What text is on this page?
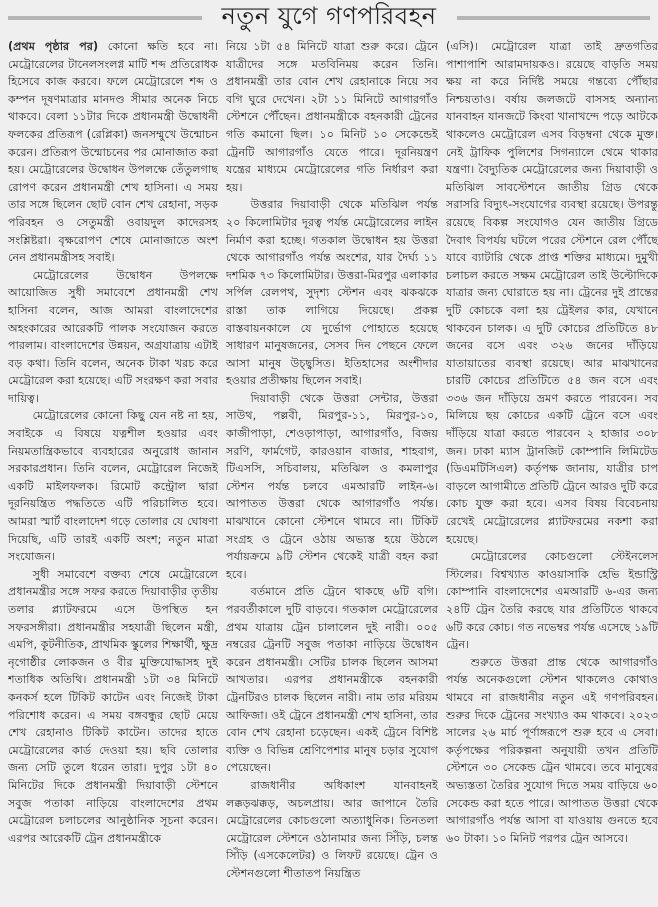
নতুন যুগে গণপরিবহন

(প্রথম পৃষ্ঠার পর) কোনো ক্ষতি হবে না। মেট্রোরেলের টানেলসংলগ্ন মাটি শব্দ প্রতিরোধক হিসেবে কাজ করবে। ফলে মেট্রোরেলে শব্দ ও কম্পন দূষণমাত্রার মানদণ্ড সীমার অনেক নিচে থাকবে। বেলা ১১টার দিকে প্রধানমন্ত্রী উদ্বোধনী ফলকের প্রতিরূপ (রেপ্লিকা) জনসম্মুখে উন্মোচন করেন। প্রতিরূপ উন্মোচনের পর মোনাজাত করা হয়। মেট্রোরেলের উদ্বোধন উপলক্ষে তেঁতুলগাছ রোপণ করেন প্রধানমন্ত্রী শেখ হাসিনা। এ সময় তার সঙ্গে ছিলেন ছোট বোন শেখ রেহানা, সড়ক পরিবহন ও সেতুমন্ত্রী ওবায়দুল কাদেরসহ সংশ্লিষ্টরা। বৃক্ষরোপণ শেষে মোনাজাতে অংশ নেন প্রধানমন্ত্রীসহ সবাই।

মেট্রোরেলের উদ্বোধন উপলক্ষে আয়োজিত সুধী সমাবেশে প্রধানমন্ত্রী শেখ হাসিনা বলেন, আজ আমরা বাংলাদেশের অহংকারের আরেকটি পালক সংযোজন করতে পারলাম। বাংলাদেশের উন্নয়ন, অগ্রযাত্রায় এটাই বড় কথা। তিনি বলেন, অনেক টাকা খরচ করে মেট্রোরেল করা হয়েছে। এটি সংরক্ষণ করা সবার দায়িত্ব।

মেট্রোরেলের কোনো কিছু যেন নষ্ট না হয়, সবাইকে এ বিষয়ে যত্নশীল হওয়ার এবং নিয়মতান্ত্রিকভাবে ব্যবহারের অনুরোধ জানান সরকারপ্রধান। তিনি বলেন, মেট্রোরেল নিজেই একটি মাইলফলক। রিমোট কন্ট্রোল দ্বারা দূরনিয়ন্ত্রিত পদ্ধতিতে এটি পরিচালিত হবে। আমরা স্মার্ট বাংলাদেশ গড়ে তোলার যে ঘোষণা দিয়েছি, এটি তারই একটি অংশ; নতুন মাত্রা সংযোজন।

সুধী সমাবেশে বক্তব্য শেষে মেট্রোরেলে প্রধানমন্ত্রীর সঙ্গে সফর করতে দিয়াবাড়ীর তৃতীয় তলার প্ল্যাটফরমে এসে উপস্থিত হন সফরসঙ্গীরা। প্রধানমন্ত্রীর সহযাত্রী ছিলেন মন্ত্রী, এমপি, কূটনীতিক, প্রাথমিক স্কুলের শিক্ষার্থী, ক্ষুদ্র নৃগোষ্ঠীর লোকজন ও বীর মুক্তিযোদ্ধাসহ দুই শতাধিক অতিথি। প্রধানমন্ত্রী ১টা ৩৪ মিনিটে কনকর্স হলে টিকিট কাটেন এবং নিজেই টাকা পরিশোধ করেন। এ সময় বঙ্গবন্ধুর ছোট মেয়ে শেখ রেহানাও টিকিট কাটেন। তাদের হাতে মেট্রোরেলের কার্ড দেওয়া হয়। ছবি তোলার জন্য সেটি তুলে ধরেন তারা। দুপুর ১টা ৪০ মিনিটের দিকে প্রধানমন্ত্রী দিয়াবাড়ী স্টেশনে সবুজ পতাকা নাড়িয়ে বাংলাদেশের প্রথম মেট্রোরেল চলাচলের আনুষ্ঠানিক সূচনা করেন। এরপর আরেকটি ট্রেন প্রধানমন্ত্রীকে

নিয়ে ১টা ৫৪ মিনিটে যাত্রা শুরু করে। ট্রেনে যাত্রীদের সঙ্গে মতবিনিময় করেন তিনি। প্রধানমন্ত্রী তার বোন শেখ রেহানাকে নিয়ে সব বগি ঘুরে দেখেন। ২টা ১১ মিনিটে আগারগাঁও স্টেশনে পৌঁছেন। প্রধানমন্ত্রীকে বহনকারী ট্রেনের গতি কমানো ছিল। ১০ মিনিট ১০ সেকেন্ডেই ট্রেনটি আগারগাঁও যেতে পারে। দূরনিয়ন্ত্রণ যন্ত্রের মাধ্যমে মেট্রোরেলের গতি নির্ধারণ করা হয়।

উত্তরার দিয়াবাড়ী থেকে মতিঝিল পর্যন্ত ২০ কিলোমিটার দূরত্ব পর্যন্ত মেট্রোরেলের লাইন নির্মাণ করা হচ্ছে। গতকাল উদ্বোধন হয় উত্তরা থেকে আগারগাঁও পর্যন্ত অংশের, যার দৈর্ঘ্য ১১ দশমিক ৭৩ কিলোমিটার। উত্তরা-মিরপুর এলাকার সর্পিল রেলপথ, সুদৃশ্য স্টেশন এবং ঝকঝকে রাস্তা তাক লাগিয়ে দিয়েছে। প্রকল্প বাস্তবায়নকালে যে দুর্ভোগ পোহাতে হয়েছে সাধারণ মানুষজনের, সেসব দিন পেছনে ফেলে আসা মানুষ উচ্ছ্বসিত। ইতিহাসের অংশীদার হওয়ার প্রতীক্ষায় ছিলেন সবাই।

দিয়াবাড়ী থেকে উত্তরা সেন্টার, উত্তরা সাউথ, পল্লবী, মিরপুর-১১, মিরপুর-১০, কাজীপাড়া, শেওড়াপাড়া, আগারগাঁও, বিজয় সরণি, ফার্মগেট, কারওয়ান বাজার, শাহবাগ, টিএসসি, সচিবালয়, মতিঝিল ও কমলাপুর স্টেশন পর্যন্ত চলবে এমআরটি লাইন-৬। আপাতত উত্তরা থেকে আগারগাঁও পর্যন্ত। মাঝখানে কোনো স্টেশনে থামবে না। টিকিট সংগ্রহ ও ট্রেনে ওঠায় অভ্যস্ত হয়ে উঠলে পর্যায়ক্রমে ৯টি স্টেশন থেকেই যাত্রী বহন করা হবে।

বর্তমানে প্রতি ট্রেনে থাকছে ৬টি বগি। পরবর্তীকালে দুটি বাড়বে। গতকাল মেট্রোরেলের প্রথম যাত্রায় ট্রেন চালালেন দুই নারী। ০০৫ নম্বরের ট্রেনটি সবুজ পতাকা নাড়িয়ে উদ্বোধন করেন প্রধানমন্ত্রী। সেটির চালক ছিলেন আসমা আখতার। এরপর প্রধানমন্ত্রীকে বহনকারী ট্রেনটিরও চালক ছিলেন নারী। নাম তার মরিয়ম আফিজা। ওই ট্রেনে প্রধানমন্ত্রী শেখ হাসিনা, তার বোন শেখ রেহানা চড়েছেন। একই ট্রেনে বিশিষ্ট ব্যক্তি ও বিভিন্ন শ্রেণিপেশার মানুষ চড়ার সুযোগ পেয়েছেন।

রাজধানীর অধিকাংশ যানবাহনই লক্কড়ঝক্কড়, অচলপ্রায়। আর জাপানে তৈরি মেট্রোরেলের কোচগুলো অত্যাধুনিক। তিনতলা মেট্রোরেল স্টেশনে ওঠানামার জন্য সিঁড়ি, চলন্ত সিঁড়ি (এসকেলেটর) ও লিফট রয়েছে। ট্রেন ও স্টেশনগুলো শীতাতপ নিয়ন্ত্রিত

(এসি)। মেট্রোরেল যাত্রা তাই দ্রুতগতির পাশাপাশি আরামদায়কও। রয়েছে বাড়তি সময় ক্ষয় না করে নির্দিষ্ট সময়ে গন্তব্যে পৌঁছার নিশ্চয়তাও। বর্ষায় জলজটে বাসসহ অন্যান্য যানবাহন যানজটে কিংবা খানাখন্দে পড়ে আটকে থাকলেও মেট্রোরেল এসব বিড়ম্বনা থেকে মুক্ত। নেই ট্রাফিক পুলিশের সিগন্যালে থেমে থাকার যন্ত্রণা। বৈদ্যুতিক মেট্রোরেলের জন্য দিয়াবাড়ী ও মতিঝিল সাবস্টেশনে জাতীয় গ্রিড থেকে সরাসরি বিদ্যুৎ-সংযোগের ব্যবস্থা রয়েছে। উপরন্তু রয়েছে বিকল্প সংযোগও যেন জাতীয় গ্রিডে দৈবাৎ বিপর্যয় ঘটলে পরের স্টেশনে রেল পৌঁছে যাবে ব্যাটারি থেকে প্রাপ্ত শক্তির মাধ্যমে। দুমুখী চলাচল করতে সক্ষম মেট্রোরেল তাই উল্টোদিকে যাত্রার জন্য ঘোরাতে হয় না। ট্রেনের দুই প্রান্তের দুটি কোচকে বলা হয় ট্রেইলর কার, যেখানে থাকবেন চালক। এ দুটি কোচের প্রতিটিতে ৪৮ জনের বসে এবং ৩২৬ জনের দাঁড়িয়ে যাতায়াতের ব্যবস্থা রয়েছে। আর মাঝখানের চারটি কোচের প্রতিটিতে ৫৪ জন বসে এবং ৩৩৬ জন দাঁড়িয়ে ভ্রমণ করতে পারবেন। সব মিলিয়ে ছয় কোচের একটি ট্রেনে বসে এবং দাঁড়িয়ে যাত্রা করতে পারবেন ২ হাজার ৩০৮ জন। ঢাকা ম্যাস ট্রানজিট কোম্পানি লিমিটেড (ডিএমটিসিএল) কর্তৃপক্ষ জানায়, যাত্রীর চাপ বাড়লে আগামীতে প্রতিটি ট্রেনে আরও দুটি করে কোচ যুক্ত করা হবে। এসব বিষয় বিবেচনায় রেখেই মেট্রোরেলের প্ল্যাটফরমের নকশা করা হয়েছে।

মেট্রোরেলের কোচগুলো স্টেইনলেস স্টিলের। বিশ্বখ্যাত কাওয়াসাকি হেভি ইন্ডাস্ট্রি কোম্পানি বাংলাদেশের এমআরটি ৬-এর জন্য ২৪টি ট্রেন তৈরি করছে যার প্রতিটিতে থাকবে ৬টি করে কোচ। গত নভেম্বর পর্যন্ত এসেছে ১৯টি ট্রেন।

শুরুতে উত্তরা প্রান্ত থেকে আগারগাঁও পর্যন্ত অনেকগুলো স্টেশন থাকলেও কোথাও থামবে না রাজধানীর নতুন এই গণপরিবহন। শুরুর দিকে ট্রেনের সংখ্যাও কম থাকবে। ২০২৩ সালের ২৬ মার্চ পূর্ণাঙ্গরূপে শুরু হবে এ সেবা। কর্তৃপক্ষের পরিকল্পনা অনুযায়ী তখন প্রতিটি স্টেশনে ৩০ সেকেন্ড ট্রেন থামবে। তবে মানুষের অভ্যস্ততা তৈরির সুযোগ দিতে সময় বাড়িয়ে ৬০ সেকেন্ড করা হতে পারে। আপাতত উত্তরা থেকে আগারগাঁও পর্যন্ত আসা বা যাওয়ায় গুনতে হবে ৬০ টাকা। ১০ মিনিট পরপর ট্রেন আসবে।
